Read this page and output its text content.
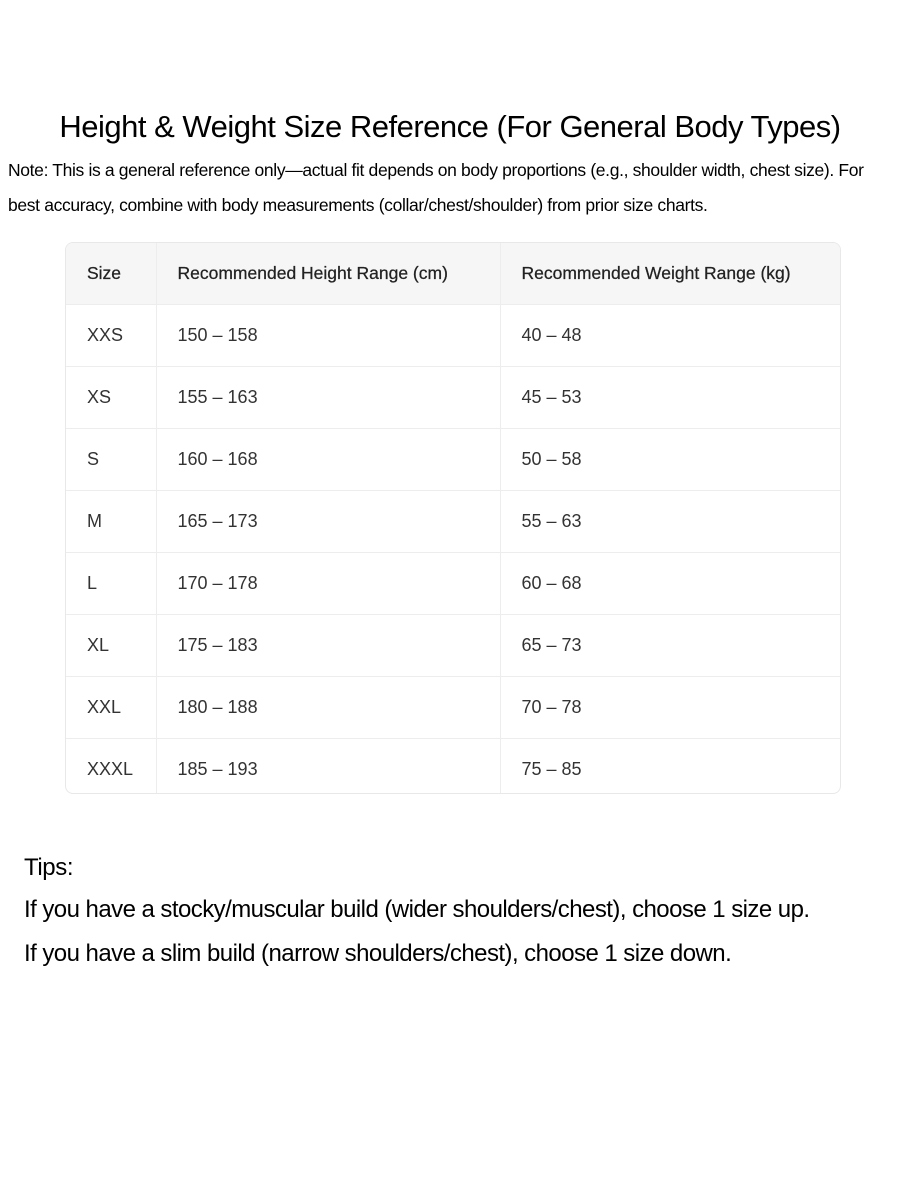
Height & Weight Size Reference (For General Body Types)

Note: This is a general reference only—actual fit depends on body proportions (e.g., shoulder width, chest size). For best accuracy, combine with body measurements (collar/chest/shoulder) from prior size charts.

Size	Recommended Height Range (cm)	Recommended Weight Range (kg)
XXS	150 – 158	40 – 48
XS	155 – 163	45 – 53
S	160 – 168	50 – 58
M	165 – 173	55 – 63
L	170 – 178	60 – 68
XL	175 – 183	65 – 73
XXL	180 – 188	70 – 78
XXXL	185 – 193	75 – 85

Tips:

If you have a stocky/muscular build (wider shoulders/chest), choose 1 size up.

If you have a slim build (narrow shoulders/chest), choose 1 size down.
